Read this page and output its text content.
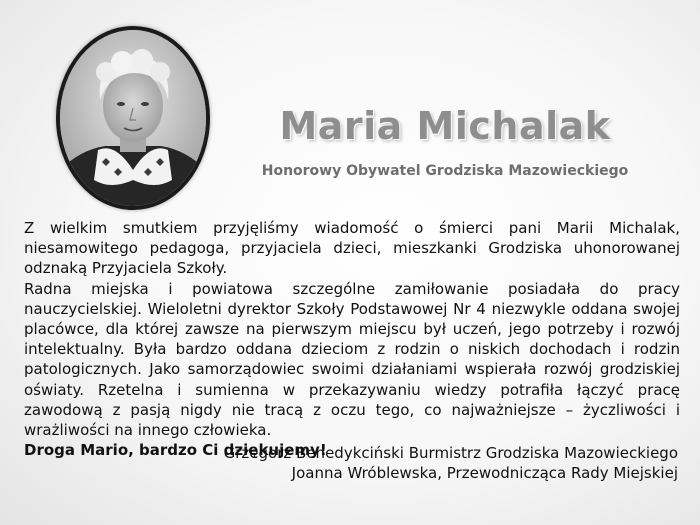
Maria Michalak
Honorowy Obywatel Grodziska Mazowieckiego

Z wielkim smutkiem przyjęliśmy wiadomość o śmierci pani Marii Michalak, niesamowitego pedagoga, przyjaciela dzieci, mieszkanki Grodziska uhonorowanej odznaką Przyjaciela Szkoły.

Radna miejska i powiatowa szczególne zamiłowanie posiadała do pracy nauczycielskiej. Wieloletni dyrektor Szkoły Podstawowej Nr 4 niezwykle oddana swojej placówce, dla której zawsze na pierwszym miejscu był uczeń, jego potrzeby i rozwój intelektualny. Była bardzo oddana dzieciom z rodzin o niskich dochodach i rodzin patologicznych. Jako samorządowiec swoimi działaniami wspierała rozwój grodziskiej oświaty. Rzetelna i sumienna w przekazywaniu wiedzy potrafiła łączyć pracę zawodową z pasją nigdy nie tracą z oczu tego, co najważniejsze – życzliwości i wrażliwości na innego człowieka.

Droga Mario, bardzo Ci dziękujemy!

Grzegorz Benedykciński Burmistrz Grodziska Mazowieckiego
Joanna Wróblewska, Przewodnicząca Rady Miejskiej
